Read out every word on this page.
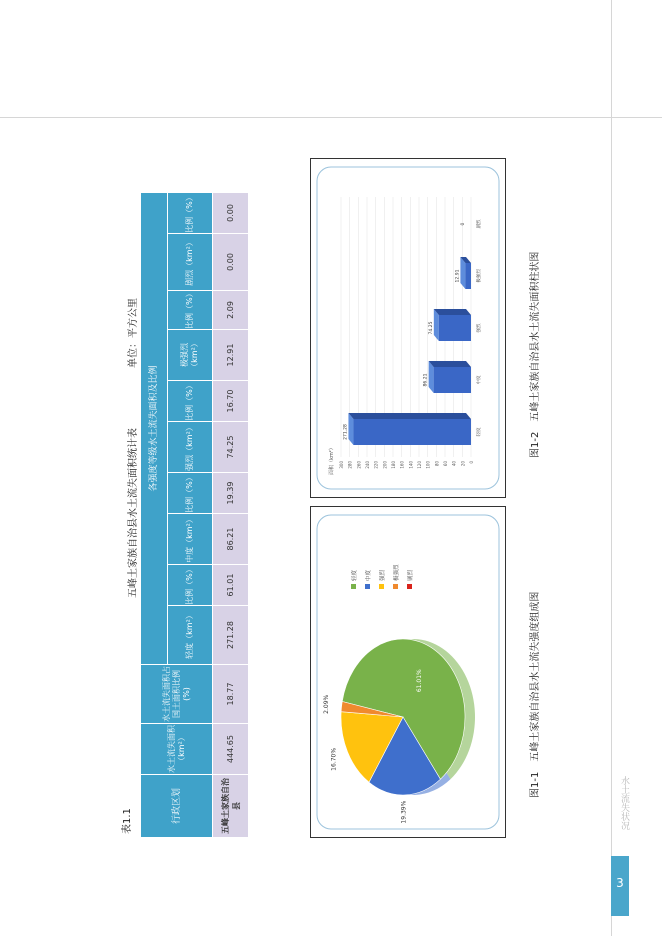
水土流失状况
3
表1.1
五峰土家族自治县水土流失面积统计表
单位：平方公里
行政区划	水土流失面积（km²）	水土流失面积占国土面积比例(%)	各强度等级水土流失面积及比例									
			轻度（km²）	比例（%）	中度（km²）	比例（%）	强烈（km²）	比例（%）	极强烈（km²）	比例（%）	剧烈（km²）	比例（%）
五峰土家族自治县	444.65	18.77	271.28	61.01	86.21	19.39	74.25	16.70	12.91	2.09	0.00	0.00
61.01%
19.39%
16.70%
2.09%
轻度	中度	强烈	极强烈	剧烈
图1-1　五峰土家族自治县水土流失强度组成图
面积（km²）	0
20
40
60
80
100
120
140
160
180
200
220
240
260
280
300
271.28	轻度
86.21	中度
74.25	强烈
12.91	极强烈
0	剧烈
图1-2　五峰土家族自治县水土流失面积柱状图
